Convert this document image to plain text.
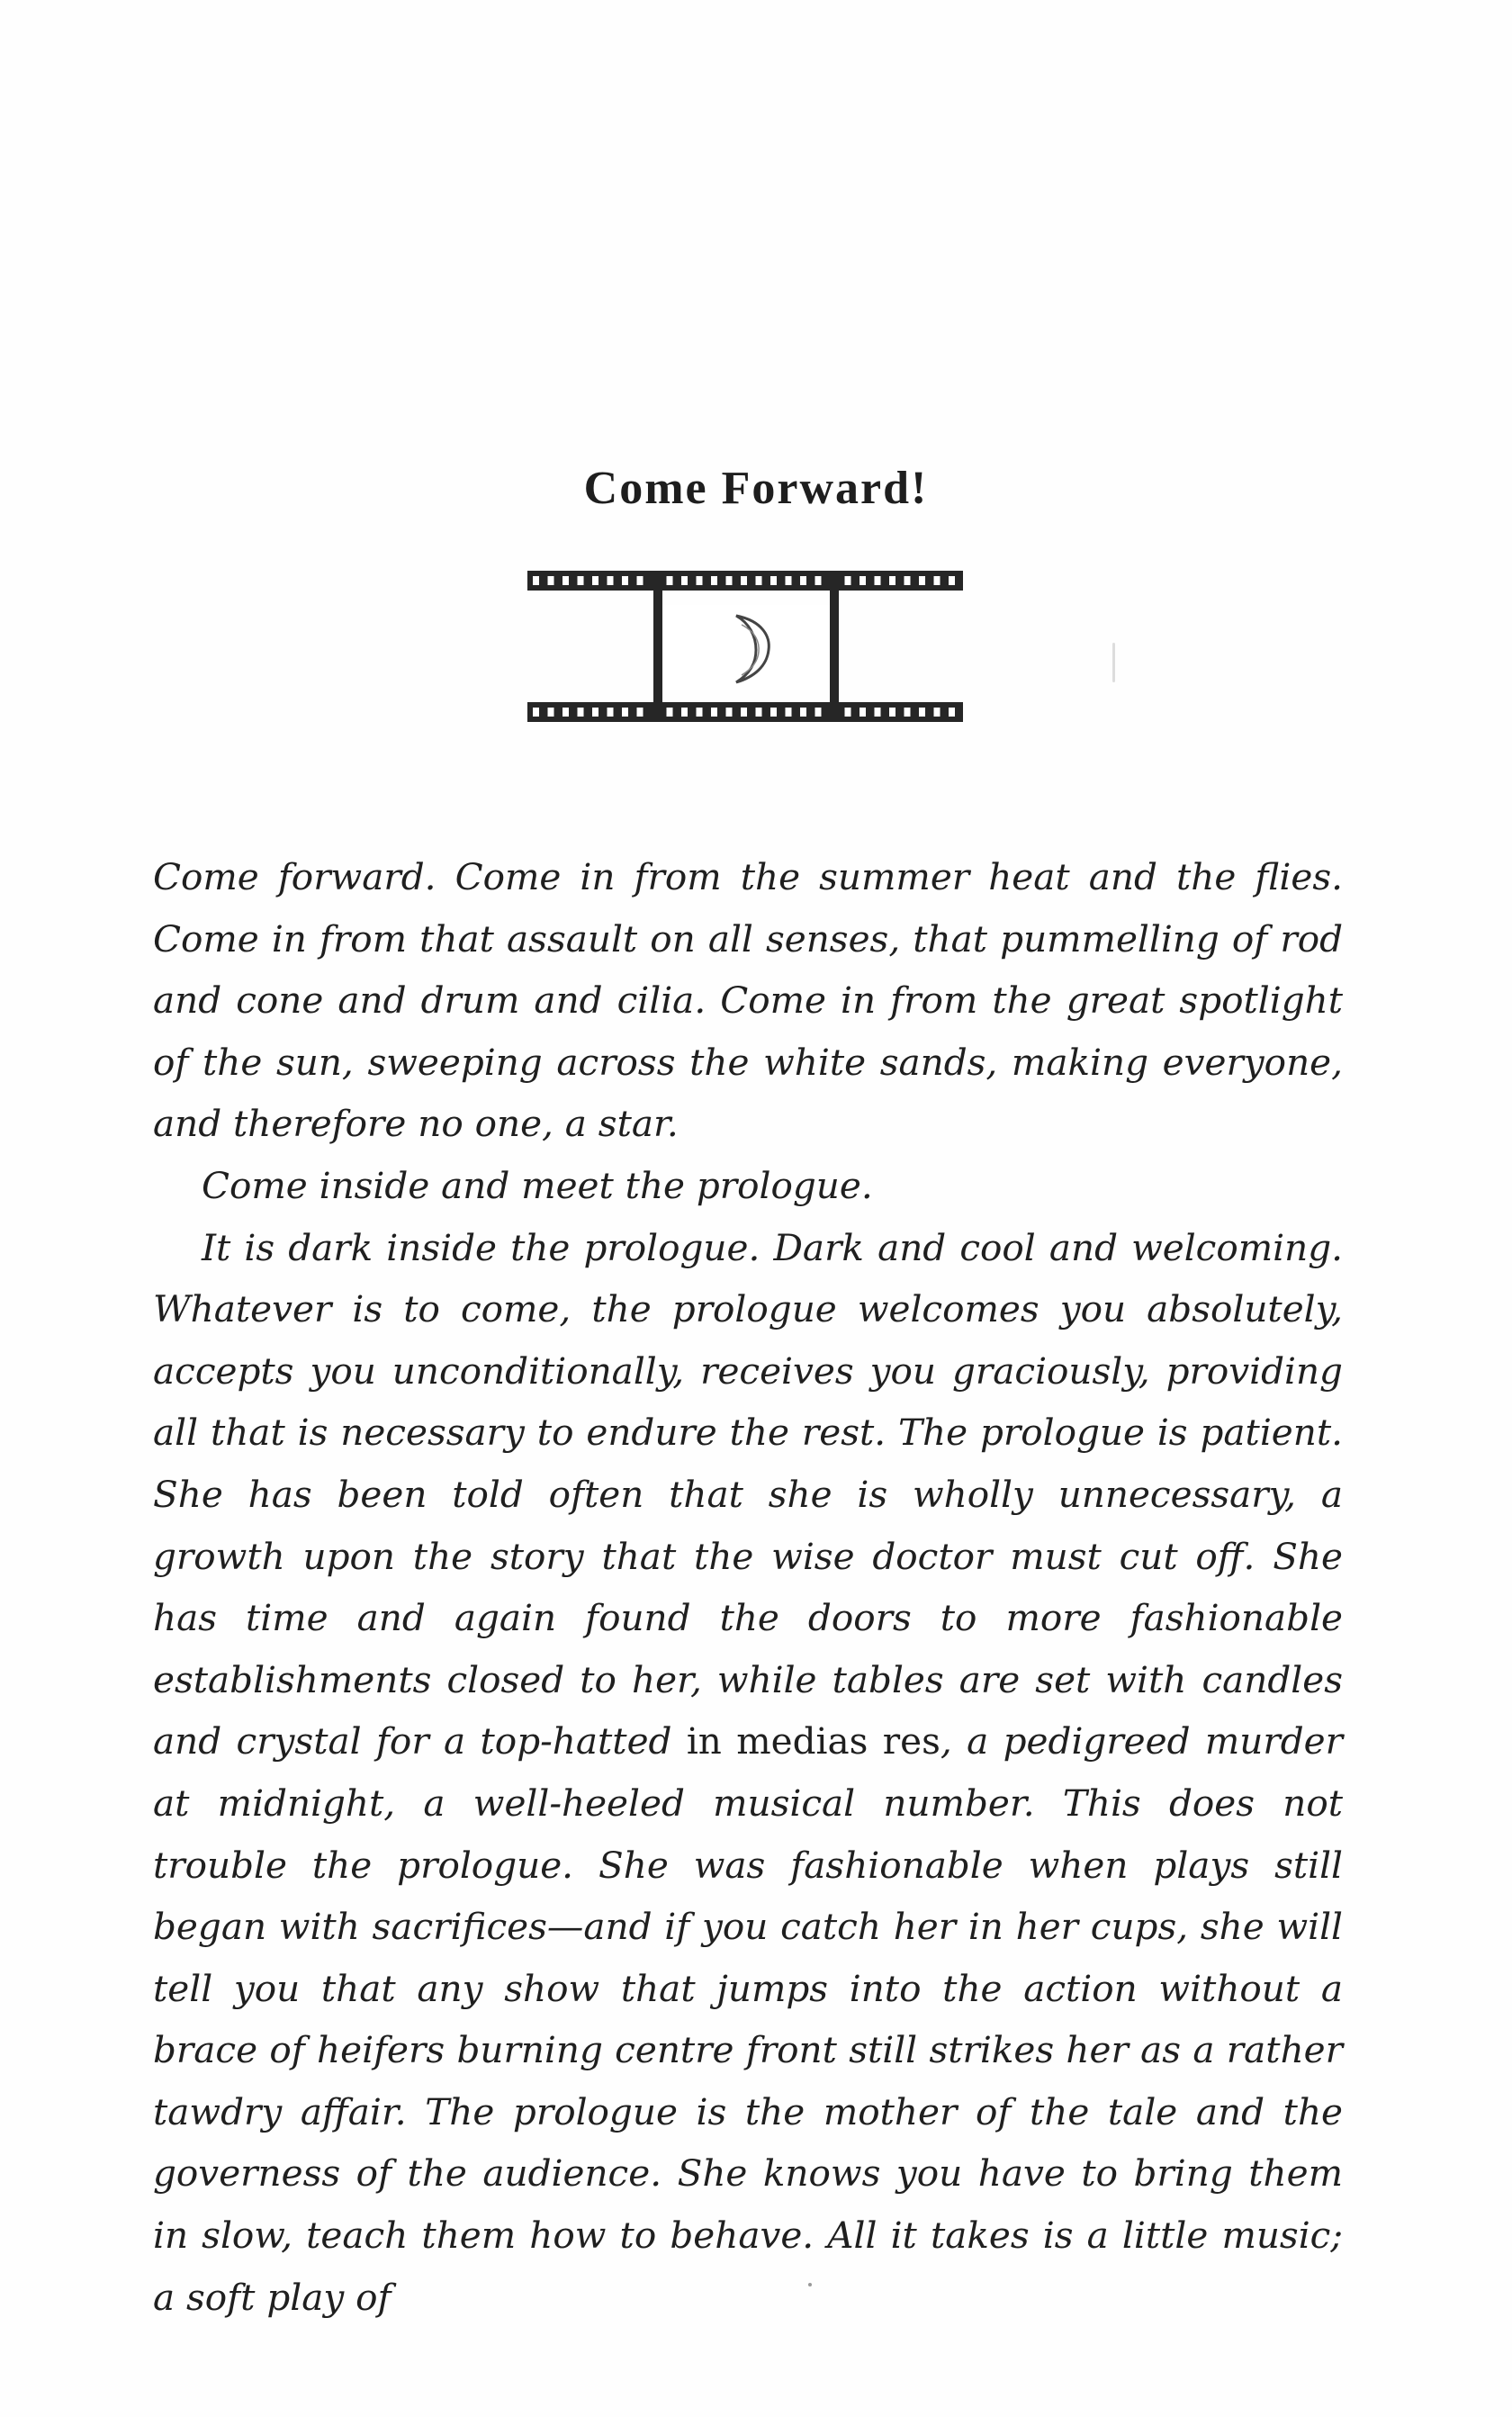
Come Forward!

Come forward. Come in from the summer heat and the flies. Come in from that assault on all senses, that pummelling of rod and cone and drum and cilia. Come in from the great spotlight of the sun, sweeping across the white sands, making everyone, and therefore no one, a star.

Come inside and meet the prologue.

It is dark inside the prologue. Dark and cool and welcoming. Whatever is to come, the prologue welcomes you absolutely, accepts you unconditionally, receives you graciously, providing all that is necessary to endure the rest. The prologue is patient. She has been told often that she is wholly unnecessary, a growth upon the story that the wise doctor must cut off. She has time and again found the doors to more fashionable establishments closed to her, while tables are set with candles and crystal for a top-hatted in medias res, a pedigreed murder at midnight, a well-heeled musical number. This does not trouble the prologue. She was fashionable when plays still began with sacrifices—and if you catch her in her cups, she will tell you that any show that jumps into the action without a brace of heifers burning centre front still strikes her as a rather tawdry affair. The prologue is the mother of the tale and the governess of the audience. She knows you have to bring them in slow, teach them how to behave. All it takes is a little music; a soft play of
